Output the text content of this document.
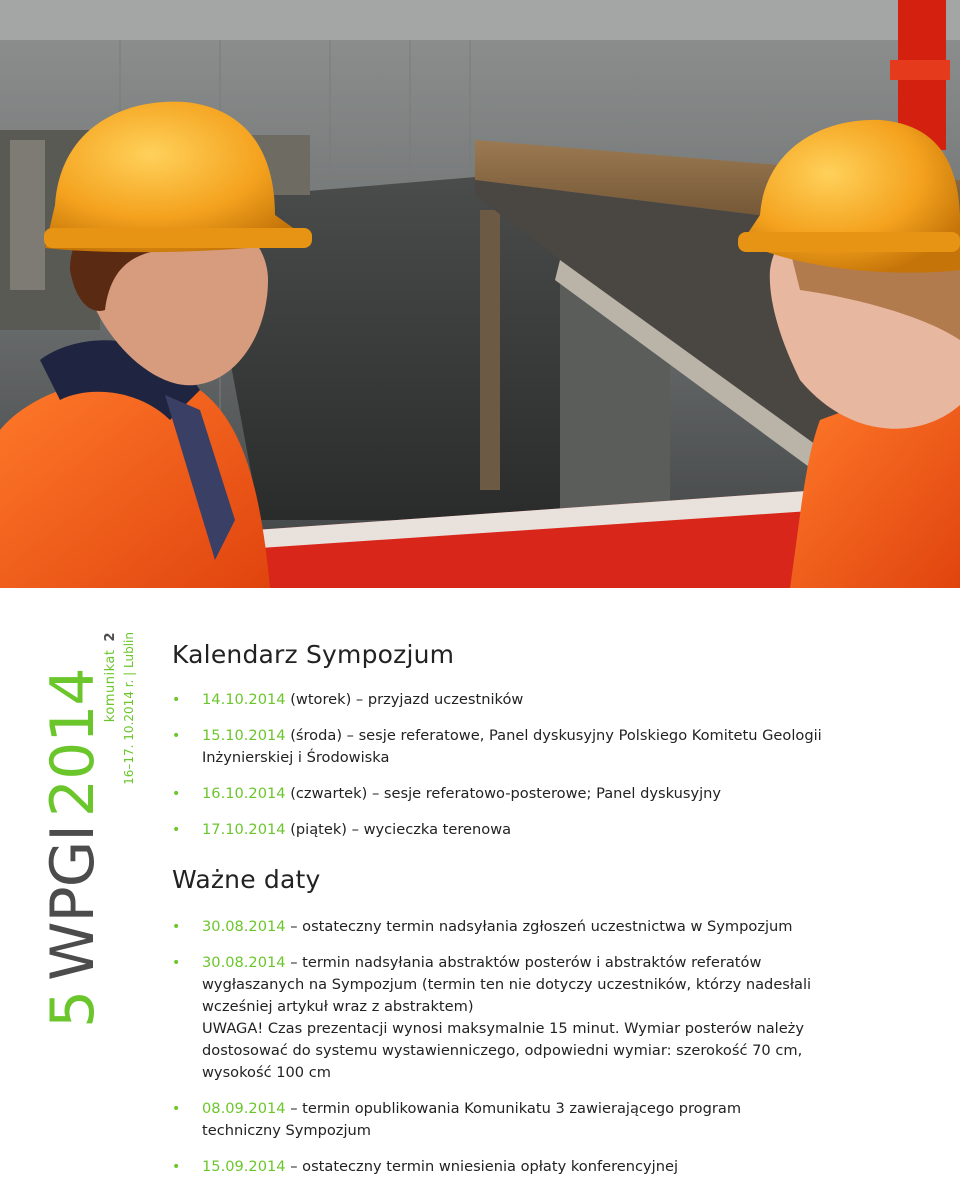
5
WPGI
2014
komunikat2 16–17. 10.2014 r. | Lublin Kalendarz Sympozjum
• 14.10.2014 (wtorek) – przyjazd uczestników
• 15.10.2014 (środa) – sesje referatowe, Panel dyskusyjny Polskiego Komitetu Geologii Inżynierskiej i Środowiska
• 16.10.2014 (czwartek) – sesje referatowo-posterowe; Panel dyskusyjny
• 17.10.2014 (piątek) – wycieczka terenowa
Ważne daty
• 30.08.2014 – ostateczny termin nadsyłania zgłoszeń uczestnictwa w Sympozjum
• 30.08.2014 – termin nadsyłania abstraktów posterów i abstraktów referatów wygłaszanych na Sympozjum (termin ten nie dotyczy uczestników, którzy nadesłali wcześniej artykuł wraz z abstraktem)
UWAGA! Czas prezentacji wynosi maksymalnie 15 minut. Wymiar posterów należy dostosować do systemu wystawienniczego, odpowiedni wymiar: szerokość 70 cm, wysokość 100 cm
• 08.09.2014 – termin opublikowania Komunikatu 3 zawierającego program techniczny Sympozjum
• 15.09.2014 – ostateczny termin wniesienia opłaty konferencyjnej
